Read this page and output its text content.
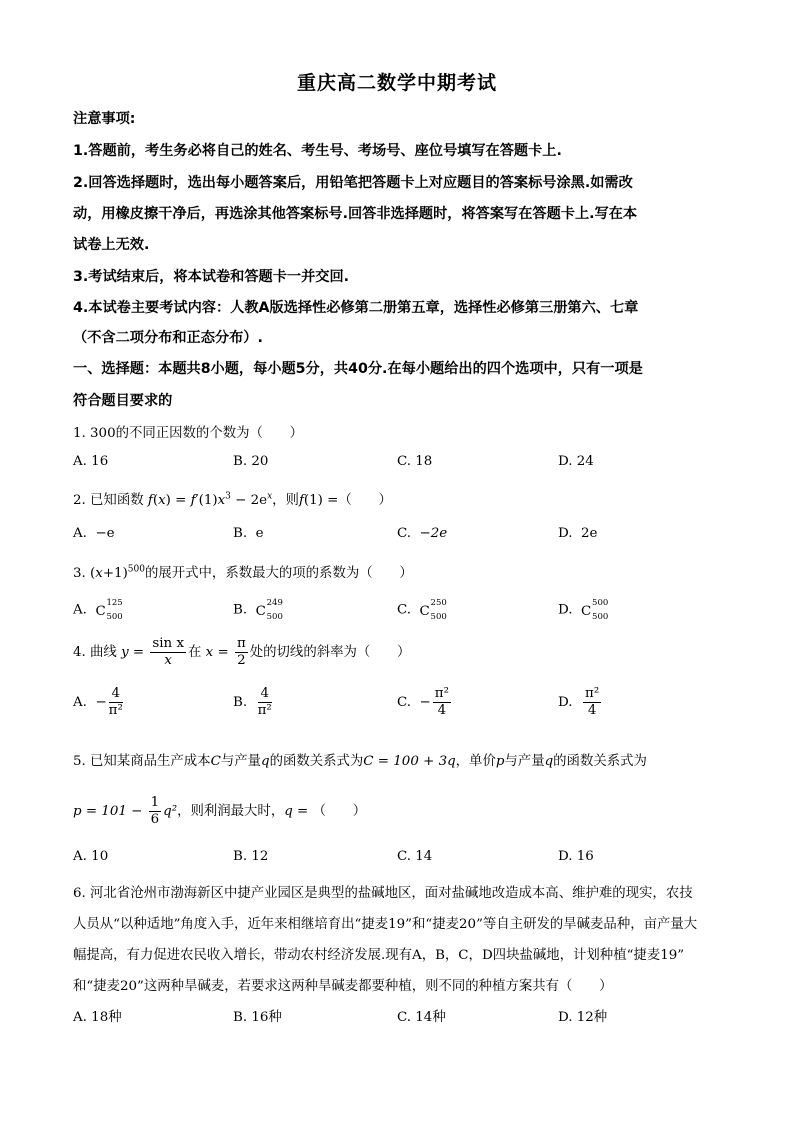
重庆高二数学中期考试
注意事项:
1.答题前，考生务必将自己的姓名、考生号、考场号、座位号填写在答题卡上.
2.回答选择题时，选出每小题答案后，用铅笔把答题卡上对应题目的答案标号涂黑.如需改
动，用橡皮擦干净后，再选涂其他答案标号.回答非选择题时，将答案写在答题卡上.写在本
试卷上无效.
3.考试结束后，将本试卷和答题卡一并交回.
4.本试卷主要考试内容：人教A版选择性必修第二册第五章，选择性必修第三册第六、七章
（不含二项分布和正态分布）.
一、选择题：本题共8小题，每小题5分，共40分.在每小题给出的四个选项中，只有一项是
符合题目要求的
1. 300的不同正因数的个数为（　　）
A. 16	B. 20	C. 18	D. 24
2. 已知函数 $f(x) = f'(1)x^3 - 2e^x$，则f(1) =（　　）
A.  −e	B.  e	C.  −2e	D.  2e
3. $(x+1)^{500}$的展开式中，系数最大的项的系数为（　　）
A. C
125
500	B. C
249
500	C. C
250
500	D. C
500
500
4. 曲线 $y = \frac{\text{sin x}}{x}$ 在 $x = \frac{\pi}{2}$ 处的切线的斜率为（　　）
A.  − $\frac{4}{\text{π²}}$	B. $\frac{4}{\text{π²}}$	C.  − $\frac{\text{π²}}{4}$	D. $\frac{\text{π²}}{4}$
5. 已知某商品生产成本C与产量q的函数关系式为C = 100 + 3q，单价p与产量q的函数关系式为
$p = 101 - \frac{1}{6} q^2$，则利润最大时，q = （　　）
A. 10	B. 12	C. 14	D. 16
6. 河北省沧州市渤海新区中捷产业园区是典型的盐碱地区，面对盐碱地改造成本高、维护难的现实，农技
人员从“以种适地”角度入手，近年来相继培育出“捷麦19”和“捷麦20”等自主研发的旱碱麦品种，亩产量大
幅提高，有力促进农民收入增长，带动农村经济发展.现有A，B，C，D四块盐碱地，计划种植“捷麦19”
和“捷麦20”这两种旱碱麦，若要求这两种旱碱麦都要种植，则不同的种植方案共有（　　）
A. 18种	B. 16种	C. 14种	D. 12种
